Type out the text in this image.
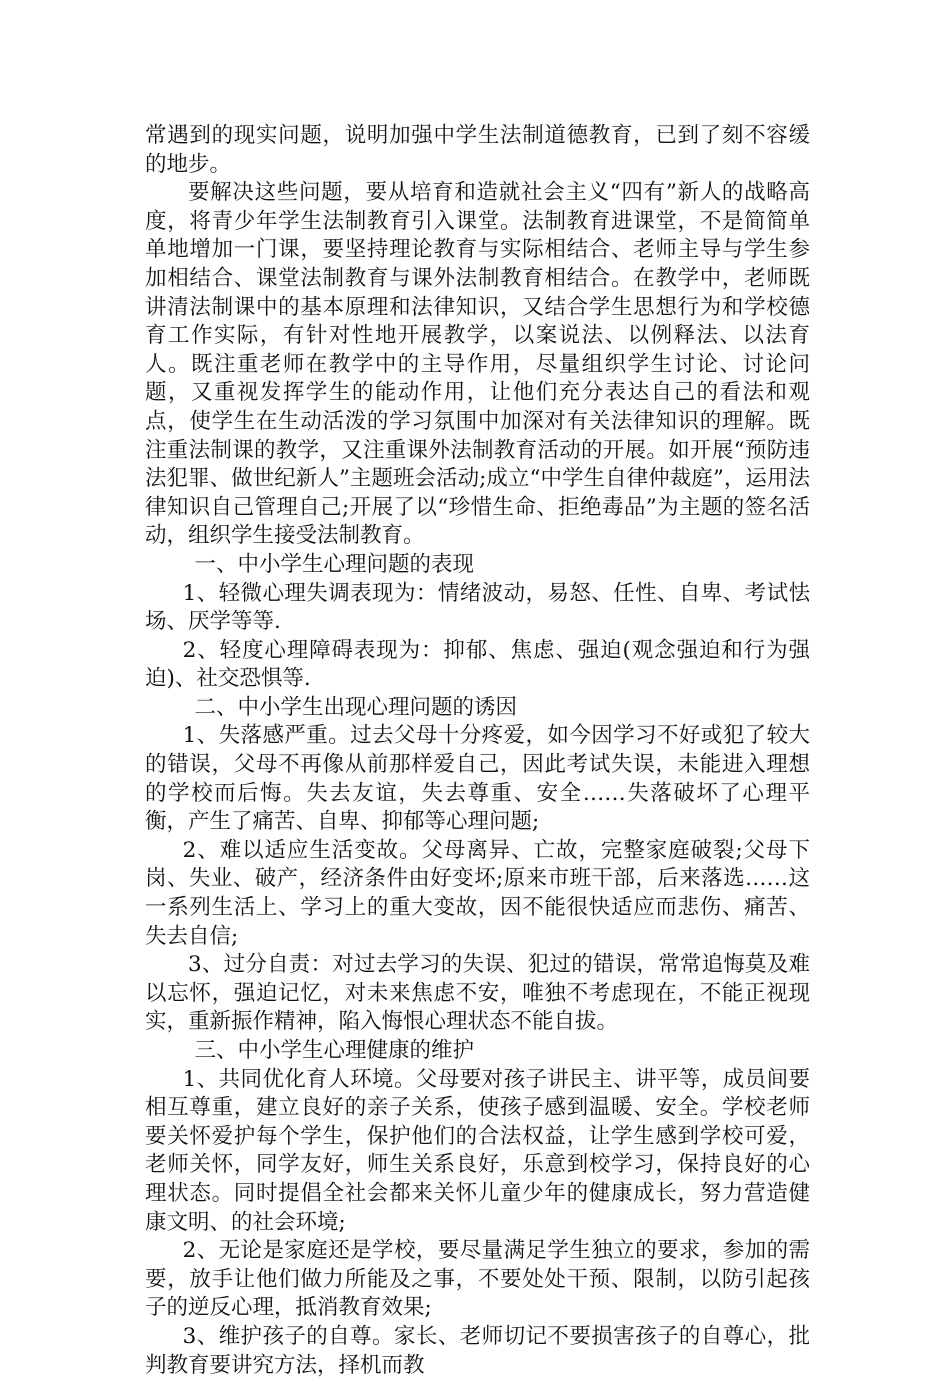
常遇到的现实问题，说明加强中学生法制道德教育，已到了刻不容缓的地步。

要解决这些问题，要从培育和造就社会主义“四有”新人的战略高度，将青少年学生法制教育引入课堂。法制教育进课堂，不是简简单单地增加一门课，要坚持理论教育与实际相结合、老师主导与学生参加相结合、课堂法制教育与课外法制教育相结合。在教学中，老师既讲清法制课中的基本原理和法律知识，又结合学生思想行为和学校德育工作实际，有针对性地开展教学，以案说法、以例释法、以法育人。既注重老师在教学中的主导作用，尽量组织学生讨论、讨论问题，又重视发挥学生的能动作用，让他们充分表达自己的看法和观点，使学生在生动活泼的学习氛围中加深对有关法律知识的理解。既注重法制课的教学，又注重课外法制教育活动的开展。如开展“预防违法犯罪、做世纪新人”主题班会活动;成立“中学生自律仲裁庭”，运用法律知识自己管理自己;开展了以“珍惜生命、拒绝毒品”为主题的签名活动，组织学生接受法制教育。

一、中小学生心理问题的表现

1、轻微心理失调表现为：情绪波动，易怒、任性、自卑、考试怯场、厌学等等.

2、轻度心理障碍表现为：抑郁、焦虑、强迫(观念强迫和行为强迫)、社交恐惧等.

二、中小学生出现心理问题的诱因

1、失落感严重。过去父母十分疼爱，如今因学习不好或犯了较大的错误，父母不再像从前那样爱自己，因此考试失误，未能进入理想的学校而后悔。失去友谊，失去尊重、安全……失落破坏了心理平衡，产生了痛苦、自卑、抑郁等心理问题;

2、难以适应生活变故。父母离异、亡故，完整家庭破裂;父母下岗、失业、破产，经济条件由好变坏;原来市班干部，后来落选……这一系列生活上、学习上的重大变故，因不能很快适应而悲伤、痛苦、失去自信;

3、过分自责：对过去学习的失误、犯过的错误，常常追悔莫及难以忘怀，强迫记忆，对未来焦虑不安，唯独不考虑现在，不能正视现实，重新振作精神，陷入悔恨心理状态不能自拔。

三、中小学生心理健康的维护

1、共同优化育人环境。父母要对孩子讲民主、讲平等，成员间要相互尊重，建立良好的亲子关系，使孩子感到温暖、安全。学校老师要关怀爱护每个学生，保护他们的合法权益，让学生感到学校可爱，老师关怀，同学友好，师生关系良好，乐意到校学习，保持良好的心理状态。同时提倡全社会都来关怀儿童少年的健康成长，努力营造健康文明、的社会环境;

2、无论是家庭还是学校，要尽量满足学生独立的要求，参加的需要，放手让他们做力所能及之事，不要处处干预、限制，以防引起孩子的逆反心理，抵消教育效果;

3、维护孩子的自尊。家长、老师切记不要损害孩子的自尊心，批判教育要讲究方法，择机而教
